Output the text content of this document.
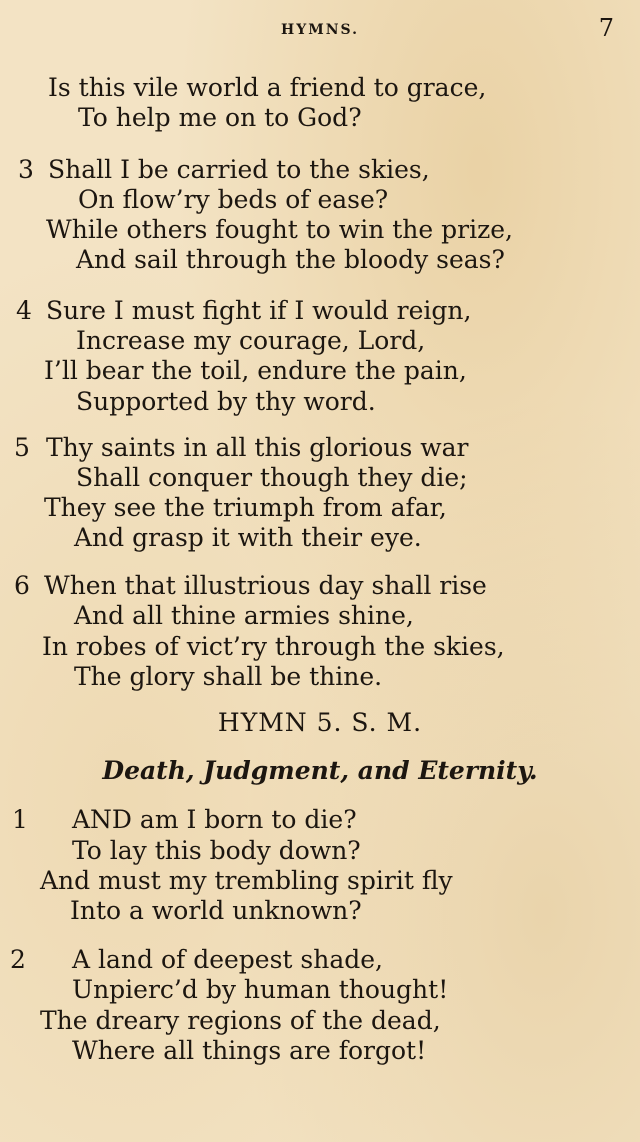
HYMNS.	7
Is this vile world a friend to grace,
To help me on to God?
3 Shall I be carried to the skies,
On flow’ry beds of ease?
While others fought to win the prize,
And sail through the bloody seas?
4 Sure I must fight if I would reign,
Increase my courage, Lord,
I’ll bear the toil, endure the pain,
Supported by thy word.
5 Thy saints in all this glorious war
Shall conquer though they die;
They see the triumph from afar,
And grasp it with their eye.
6 When that illustrious day shall rise
And all thine armies shine,
In robes of vict’ry through the skies,
The glory shall be thine.
HYMN 5. S. M.
Death, Judgment, and Eternity.
1 AND am I born to die?
To lay this body down?
And must my trembling spirit fly
Into a world unknown?
2 A land of deepest shade,
Unpierc’d by human thought!
The dreary regions of the dead,
Where all things are forgot!
